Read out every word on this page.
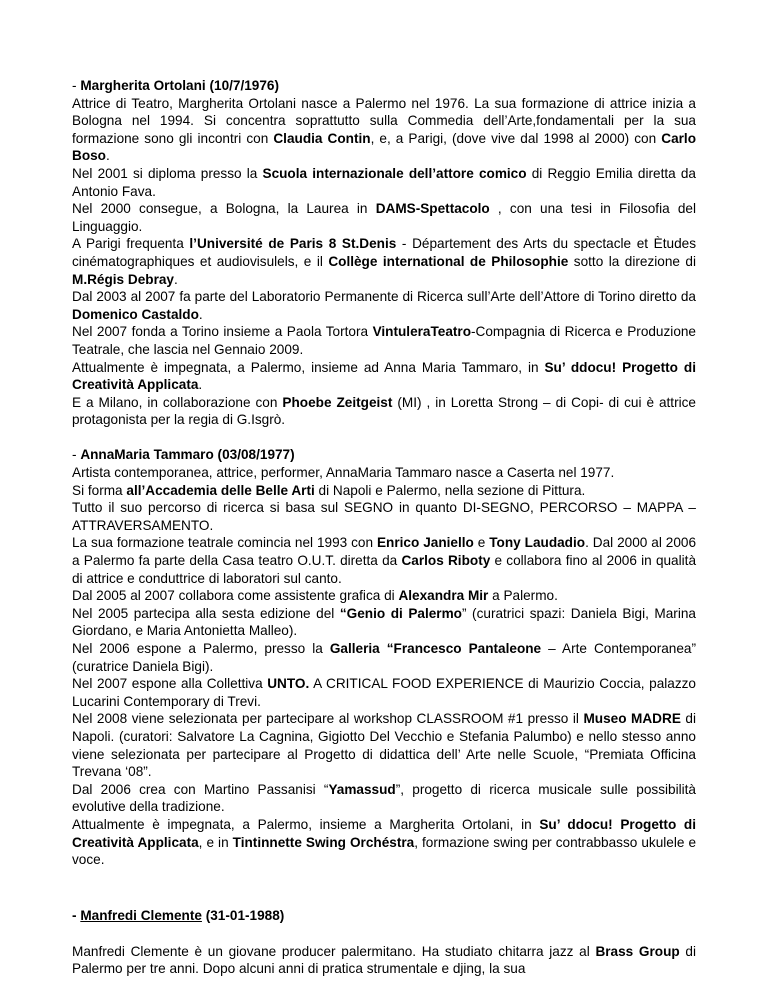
- Margherita Ortolani (10/7/1976)

Attrice di Teatro, Margherita Ortolani nasce a Palermo nel 1976. La sua formazione di attrice inizia a Bologna nel 1994. Si concentra soprattutto sulla Commedia dell’Arte,fondamentali per la sua formazione sono gli incontri con Claudia Contin, e, a Parigi, (dove vive dal 1998 al 2000) con Carlo Boso.

Nel 2001 si diploma presso la Scuola internazionale dell’attore comico di Reggio Emilia diretta da Antonio Fava.

Nel 2000 consegue, a Bologna, la Laurea in DAMS-Spettacolo , con una tesi in Filosofia del Linguaggio.

A Parigi frequenta l’Université de Paris 8 St.Denis - Département des Arts du spectacle et Ètudes cinématographiques et audiovisulels, e il Collège international de Philosophie sotto la direzione di M.Régis Debray.

Dal 2003 al 2007 fa parte del Laboratorio Permanente di Ricerca sull’Arte dell’Attore di Torino diretto da Domenico Castaldo.

Nel 2007 fonda a Torino insieme a Paola Tortora VintuleraTeatro-Compagnia di Ricerca e Produzione Teatrale, che lascia nel Gennaio 2009.

Attualmente è impegnata, a Palermo, insieme ad Anna Maria Tammaro, in Su’ ddocu! Progetto di Creatività Applicata.

E a Milano, in collaborazione con Phoebe Zeitgeist (MI) , in Loretta Strong – di Copi- di cui è attrice protagonista per la regia di G.Isgrò.

- AnnaMaria Tammaro (03/08/1977)

Artista contemporanea, attrice, performer, AnnaMaria Tammaro nasce a Caserta nel 1977.

Si forma all’Accademia delle Belle Arti di Napoli e Palermo, nella sezione di Pittura.

Tutto il suo percorso di ricerca si basa sul SEGNO in quanto DI-SEGNO, PERCORSO – MAPPA –ATTRAVERSAMENTO.

La sua formazione teatrale comincia nel 1993 con Enrico Janiello e Tony Laudadio. Dal 2000 al 2006 a Palermo fa parte della Casa teatro O.U.T. diretta da Carlos Riboty e collabora fino al 2006 in qualità di attrice e conduttrice di laboratori sul canto.

Dal 2005 al 2007 collabora come assistente grafica di Alexandra Mir a Palermo.

Nel 2005 partecipa alla sesta edizione del “Genio di Palermo” (curatrici spazi: Daniela Bigi, Marina Giordano, e Maria Antonietta Malleo).

Nel 2006 espone a Palermo, presso la Galleria “Francesco Pantaleone – Arte Contemporanea” (curatrice Daniela Bigi).

Nel 2007 espone alla Collettiva UNTO. A CRITICAL FOOD EXPERIENCE di Maurizio Coccia, palazzo Lucarini Contemporary di Trevi.

Nel 2008 viene selezionata per partecipare al workshop CLASSROOM #1 presso il Museo MADRE di Napoli. (curatori: Salvatore La Cagnina, Gigiotto Del Vecchio e Stefania Palumbo) e nello stesso anno viene selezionata per partecipare al Progetto di didattica dell’ Arte nelle Scuole, “Premiata Officina Trevana ‘08”.

Dal 2006 crea con Martino Passanisi “Yamassud”, progetto di ricerca musicale sulle possibilità evolutive della tradizione.

Attualmente è impegnata, a Palermo, insieme a Margherita Ortolani, in Su’ ddocu! Progetto di Creatività Applicata, e in Tintinnette Swing Orchéstra, formazione swing per contrabbasso ukulele e voce.

- Manfredi Clemente (31-01-1988)

Manfredi Clemente è un giovane producer palermitano. Ha studiato chitarra jazz al Brass Group di Palermo per tre anni. Dopo alcuni anni di pratica strumentale e djing, la sua
